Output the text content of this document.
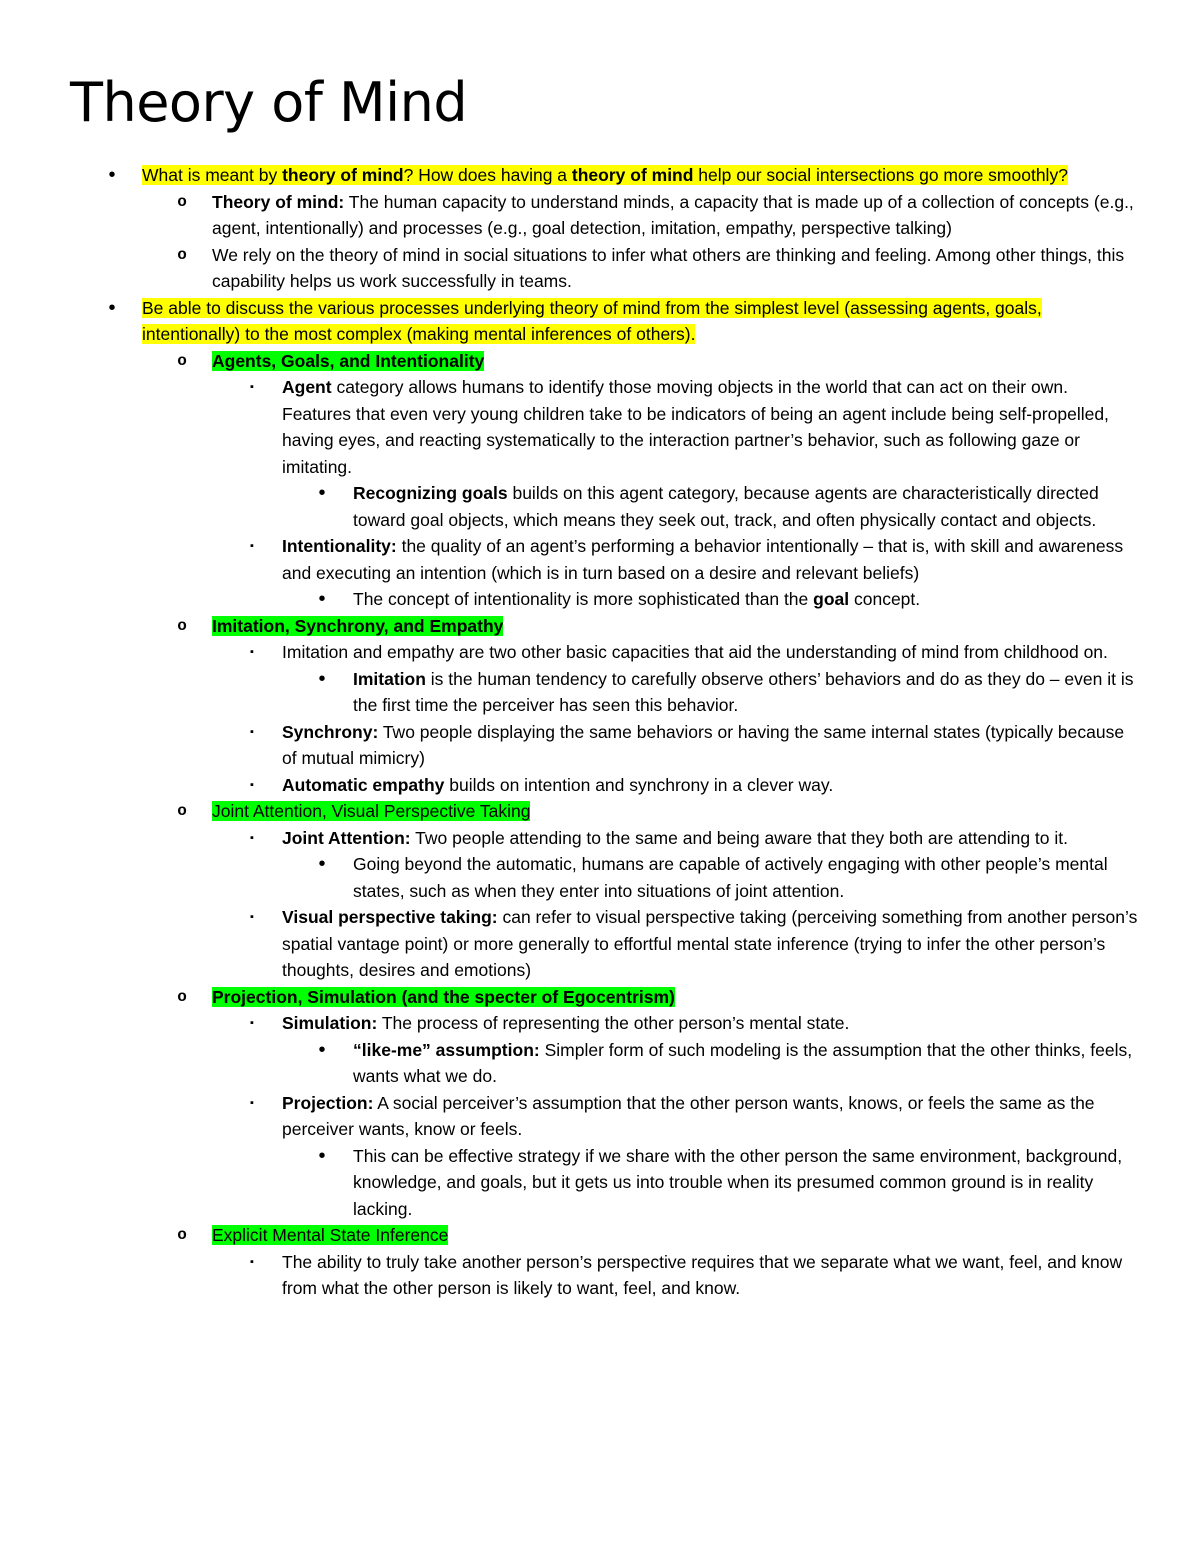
Theory of Mind
•	What is meant by theory of mind? How does having a theory of mind help our social intersections go more smoothly?
o Theory of mind: The human capacity to understand minds, a capacity that is made up of a collection of concepts (e.g., agent, intentionally) and processes (e.g., goal detection, imitation, empathy, perspective talking)
o We rely on the theory of mind in social situations to infer what others are thinking and feeling. Among other things, this capability helps us work successfully in teams.
•	Be able to discuss the various processes underlying theory of mind from the simplest level (assessing agents, goals, intentionally) to the most complex (making mental inferences of others).
o Agents, Goals, and Intentionality
▪	Agent category allows humans to identify those moving objects in the world that can act on their own. Features that even very young children take to be indicators of being an agent include being self-propelled, having eyes, and reacting systematically to the interaction partner’s behavior, such as following gaze or imitating.
•	Recognizing goals builds on this agent category, because agents are characteristically directed toward goal objects, which means they seek out, track, and often physically contact and objects.
▪	Intentionality: the quality of an agent’s performing a behavior intentionally – that is, with skill and awareness and executing an intention (which is in turn based on a desire and relevant beliefs)
•	The concept of intentionality is more sophisticated than the goal concept.
o Imitation, Synchrony, and Empathy
▪	Imitation and empathy are two other basic capacities that aid the understanding of mind from childhood on.
•	Imitation is the human tendency to carefully observe others’ behaviors and do as they do – even it is the first time the perceiver has seen this behavior.
▪	Synchrony: Two people displaying the same behaviors or having the same internal states (typically because of mutual mimicry)
▪	Automatic empathy builds on intention and synchrony in a clever way.
o Joint Attention, Visual Perspective Taking
▪	Joint Attention: Two people attending to the same and being aware that they both are attending to it.
•	Going beyond the automatic, humans are capable of actively engaging with other people’s mental states, such as when they enter into situations of joint attention.
▪	Visual perspective taking: can refer to visual perspective taking (perceiving something from another person’s spatial vantage point) or more generally to effortful mental state inference (trying to infer the other person’s thoughts, desires and emotions)
o Projection, Simulation (and the specter of Egocentrism)
▪	Simulation: The process of representing the other person’s mental state.
•	“like-me” assumption: Simpler form of such modeling is the assumption that the other thinks, feels, wants what we do.
▪	Projection: A social perceiver’s assumption that the other person wants, knows, or feels the same as the perceiver wants, know or feels.
•	This can be effective strategy if we share with the other person the same environment, background, knowledge, and goals, but it gets us into trouble when its presumed common ground is in reality lacking.
o Explicit Mental State Inference
▪	The ability to truly take another person’s perspective requires that we separate what we want, feel, and know from what the other person is likely to want, feel, and know.
